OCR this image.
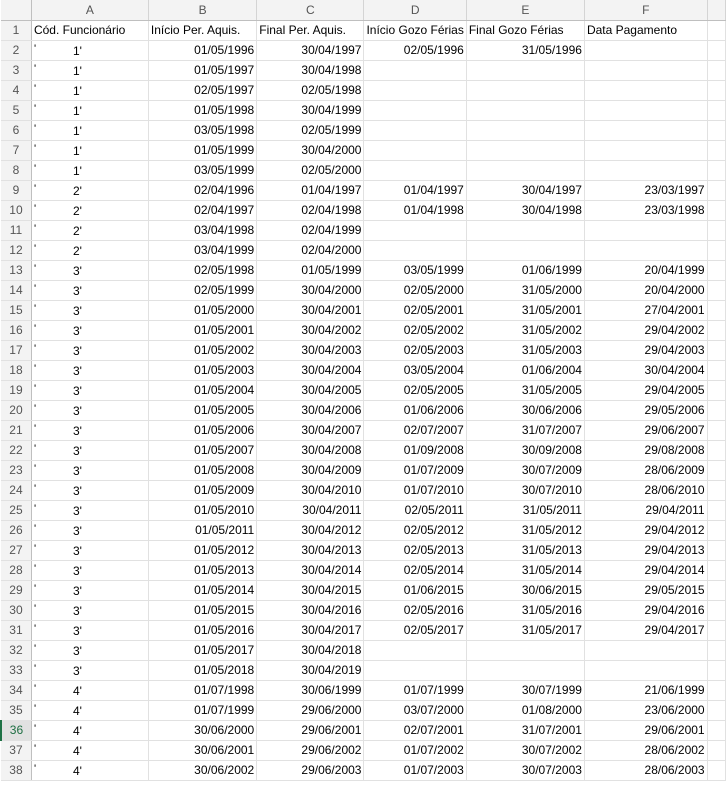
	A	B	C	D	E	F	
1	Cód. Funcionário	Início Per. Aquis.	Final Per. Aquis.	Início Gozo Férias	Final Gozo Férias	Data Pagamento	
2	' 1'	01/05/1996	30/04/1997	02/05/1996	31/05/1996		
3	' 1'	01/05/1997	30/04/1998				
4	' 1'	02/05/1997	02/05/1998				
5	' 1'	01/05/1998	30/04/1999				
6	' 1'	03/05/1998	02/05/1999				
7	' 1'	01/05/1999	30/04/2000				
8	' 1'	03/05/1999	02/05/2000				
9	' 2'	02/04/1996	01/04/1997	01/04/1997	30/04/1997	23/03/1997	
10	' 2'	02/04/1997	02/04/1998	01/04/1998	30/04/1998	23/03/1998	
11	' 2'	03/04/1998	02/04/1999				
12	' 2'	03/04/1999	02/04/2000				
13	' 3'	02/05/1998	01/05/1999	03/05/1999	01/06/1999	20/04/1999	
14	' 3'	02/05/1999	30/04/2000	02/05/2000	31/05/2000	20/04/2000	
15	' 3'	01/05/2000	30/04/2001	02/05/2001	31/05/2001	27/04/2001	
16	' 3'	01/05/2001	30/04/2002	02/05/2002	31/05/2002	29/04/2002	
17	' 3'	01/05/2002	30/04/2003	02/05/2003	31/05/2003	29/04/2003	
18	' 3'	01/05/2003	30/04/2004	03/05/2004	01/06/2004	30/04/2004	
19	' 3'	01/05/2004	30/04/2005	02/05/2005	31/05/2005	29/04/2005	
20	' 3'	01/05/2005	30/04/2006	01/06/2006	30/06/2006	29/05/2006	
21	' 3'	01/05/2006	30/04/2007	02/07/2007	31/07/2007	29/06/2007	
22	' 3'	01/05/2007	30/04/2008	01/09/2008	30/09/2008	29/08/2008	
23	' 3'	01/05/2008	30/04/2009	01/07/2009	30/07/2009	28/06/2009	
24	' 3'	01/05/2009	30/04/2010	01/07/2010	30/07/2010	28/06/2010	
25	' 3'	01/05/2010	30/04/2011	02/05/2011	31/05/2011	29/04/2011	
26	' 3'	01/05/2011	30/04/2012	02/05/2012	31/05/2012	29/04/2012	
27	' 3'	01/05/2012	30/04/2013	02/05/2013	31/05/2013	29/04/2013	
28	' 3'	01/05/2013	30/04/2014	02/05/2014	31/05/2014	29/04/2014	
29	' 3'	01/05/2014	30/04/2015	01/06/2015	30/06/2015	29/05/2015	
30	' 3'	01/05/2015	30/04/2016	02/05/2016	31/05/2016	29/04/2016	
31	' 3'	01/05/2016	30/04/2017	02/05/2017	31/05/2017	29/04/2017	
32	' 3'	01/05/2017	30/04/2018				
33	' 3'	01/05/2018	30/04/2019				
34	' 4'	01/07/1998	30/06/1999	01/07/1999	30/07/1999	21/06/1999	
35	' 4'	01/07/1999	29/06/2000	03/07/2000	01/08/2000	23/06/2000	
36	' 4'	30/06/2000	29/06/2001	02/07/2001	31/07/2001	29/06/2001	
37	' 4'	30/06/2001	29/06/2002	01/07/2002	30/07/2002	28/06/2002	
38	' 4'	30/06/2002	29/06/2003	01/07/2003	30/07/2003	28/06/2003	
